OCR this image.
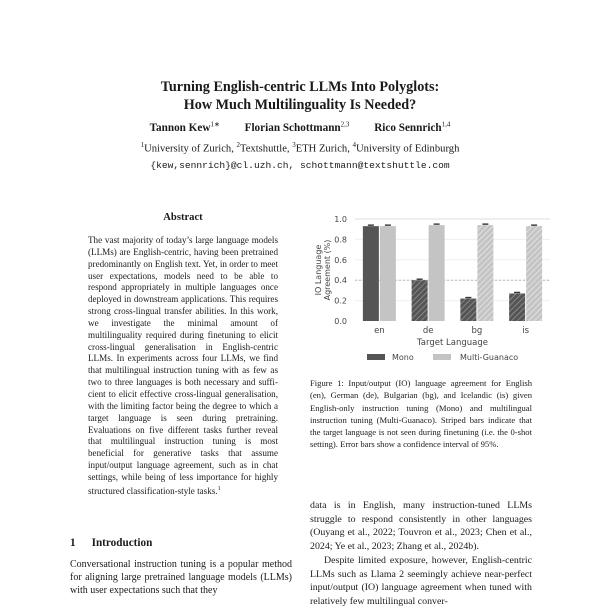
Turning English-centric LLMs Into Polyglots:
How Much Multilinguality Is Needed?
Tannon Kew$^{1∗}$ Florian Schottmann$^{2,3}$ Rico Sennrich$^{1,4}$
$^1$University of Zurich, $^2$Textshuttle, $^3$ETH Zurich, $^4$University of Edinburgh
{kew,sennrich}@cl.uzh.ch, schottmann@textshuttle.com
Abstract
The vast majority of today’s large language models (LLMs) are English-centric, having been pretrained predominantly on English text. Yet, in order to meet user expectations, models need to be able to respond appropriately in multiple languages once deployed in downstream applications. This requires strong cross-lingual transfer abilities. In this work, we investigate the minimal amount of multilinguality required during finetuning to elicit cross-lingual generalisation in English-centric LLMs. In experiments across four LLMs, we find that multilingual instruction tuning with as few as two to three languages is both necessary and sufficient to elicit effective cross-lingual generalisation, with the limiting factor being the degree to which a target language is seen during pretraining. Evaluations on five different tasks further reveal that multilingual instruction tuning is most beneficial for generative tasks that assume input/output language agreement, such as in chat settings, while being of less importance for highly structured classification-style tasks.$^1$
1 Introduction
Conversational instruction tuning is a popular method for aligning large pretrained language models (LLMs) with user expectations such that they
0.0
0.2
0.4
0.6
0.8
1.0
IO LanguageAgreement (%)
en	de	bg	is
Target Language
Mono	Multi-Guanaco
Figure 1: Input/output (IO) language agreement for English (en), German (de), Bulgarian (bg), and Icelandic (is) given English-only instruction tuning (Mono) and multilingual instruction tuning (Multi-Guanaco). Striped bars indicate that the target language is not seen during finetuning (i.e. the 0-shot setting). Error bars show a confidence interval of 95%.

data is in English, many instruction-tuned LLMs struggle to respond consistently in other languages (Ouyang et al., 2022; Touvron et al., 2023; Chen et al., 2024; Ye et al., 2023; Zhang et al., 2024b).

Despite limited exposure, however, English-centric LLMs such as Llama 2 seemingly achieve near-perfect input/output (IO) language agreement when tuned with relatively few multilingual conver-
